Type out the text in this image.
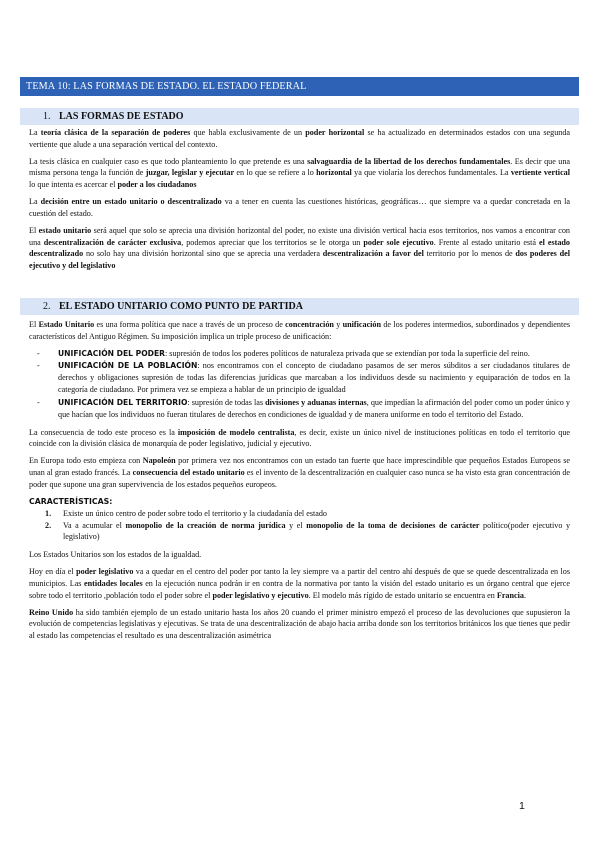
TEMA 10: LAS FORMAS DE ESTADO. EL ESTADO FEDERAL
1. LAS FORMAS DE ESTADO

La teoría clásica de la separación de poderes que habla exclusivamente de un poder horizontal se ha actualizado en determinados estados con una segunda vertiente que alude a una separación vertical del contexto.

La tesis clásica en cualquier caso es que todo planteamiento lo que pretende es una salvaguardia de la libertad de los derechos fundamentales. Es decir que una misma persona tenga la función de juzgar, legislar y ejecutar en lo que se refiere a lo horizontal ya que violaría los derechos fundamentales. La vertiente vertical lo que intenta es acercar el poder a los ciudadanos

La decisión entre un estado unitario o descentralizado va a tener en cuenta las cuestiones históricas, geográficas… que siempre va a quedar concretada en la cuestión del estado.

El estado unitario será aquel que solo se aprecia una división horizontal del poder, no existe una división vertical hacia esos territorios, nos vamos a encontrar con una descentralización de carácter exclusiva, podemos apreciar que los territorios se le otorga un poder sole ejecutivo. Frente al estado unitario está el estado descentralizado no solo hay una división horizontal sino que se aprecia una verdadera descentralización a favor del territorio por lo menos de dos poderes del ejecutivo y del legislativo

2. EL ESTADO UNITARIO COMO PUNTO DE PARTIDA

El Estado Unitario es una forma política que nace a través de un proceso de concentración y unificación de los poderes intermedios, subordinados y dependientes característicos del Antiguo Régimen. Su imposición implica un triple proceso de unificación:

- UNIFICACIÓN DEL PODER: supresión de todos los poderes políticos de naturaleza privada que se extendían por toda la superficie del reino.
- UNIFICACIÓN DE LA POBLACIÓN: nos encontramos con el concepto de ciudadano pasamos de ser meros súbditos a ser ciudadanos titulares de derechos y obligaciones supresión de todas las diferencias jurídicas que marcaban a los individuos desde su nacimiento y equiparación de todos en la categoría de ciudadano. Por primera vez se empieza a hablar de un principio de igualdad
- UNIFICACIÓN DEL TERRITORIO: supresión de todas las divisiones y aduanas internas, que impedían la afirmación del poder como un poder único y que hacían que los individuos no fueran titulares de derechos en condiciones de igualdad y de manera uniforme en todo el territorio del Estado.

La consecuencia de todo este proceso es la imposición de modelo centralista, es decir, existe un único nivel de instituciones políticas en todo el territorio que coincide con la división clásica de monarquía de poder legislativo, judicial y ejecutivo.

En Europa todo esto empieza con Napoleón por primera vez nos encontramos con un estado tan fuerte que hace imprescindible que pequeños Estados Europeos se unan al gran estado francés. La consecuencia del estado unitario es el invento de la descentralización en cualquier caso nunca se ha visto esta gran concentración de poder que supone una gran supervivencia de los estados pequeños europeos.

CARACTERÍSTICAS:
1. Existe un único centro de poder sobre todo el territorio y la ciudadanía del estado
2. Va a acumular el monopolio de la creación de norma jurídica y el monopolio de la toma de decisiones de carácter político(poder ejecutivo y legislativo)

Los Estados Unitarios son los estados de la igualdad.

Hoy en día el poder legislativo va a quedar en el centro del poder por tanto la ley siempre va a partir del centro ahí después de que se quede descentralizada en los municipios. Las entidades locales en la ejecución nunca podrán ir en contra de la normativa por tanto la visión del estado unitario es un órgano central que ejerce sobre todo el territorio ,población todo el poder sobre el poder legislativo y ejecutivo. El modelo más rígido de estado unitario se encuentra en Francia.

Reino Unido ha sido también ejemplo de un estado unitario hasta los años 20 cuando el primer ministro empezó el proceso de las devoluciones que supusieron la evolución de competencias legislativas y ejecutivas. Se trata de una descentralización de abajo hacia arriba donde son los territorios británicos los que tienes que pedir al estado las competencias el resultado es una descentralización asimétrica

1
